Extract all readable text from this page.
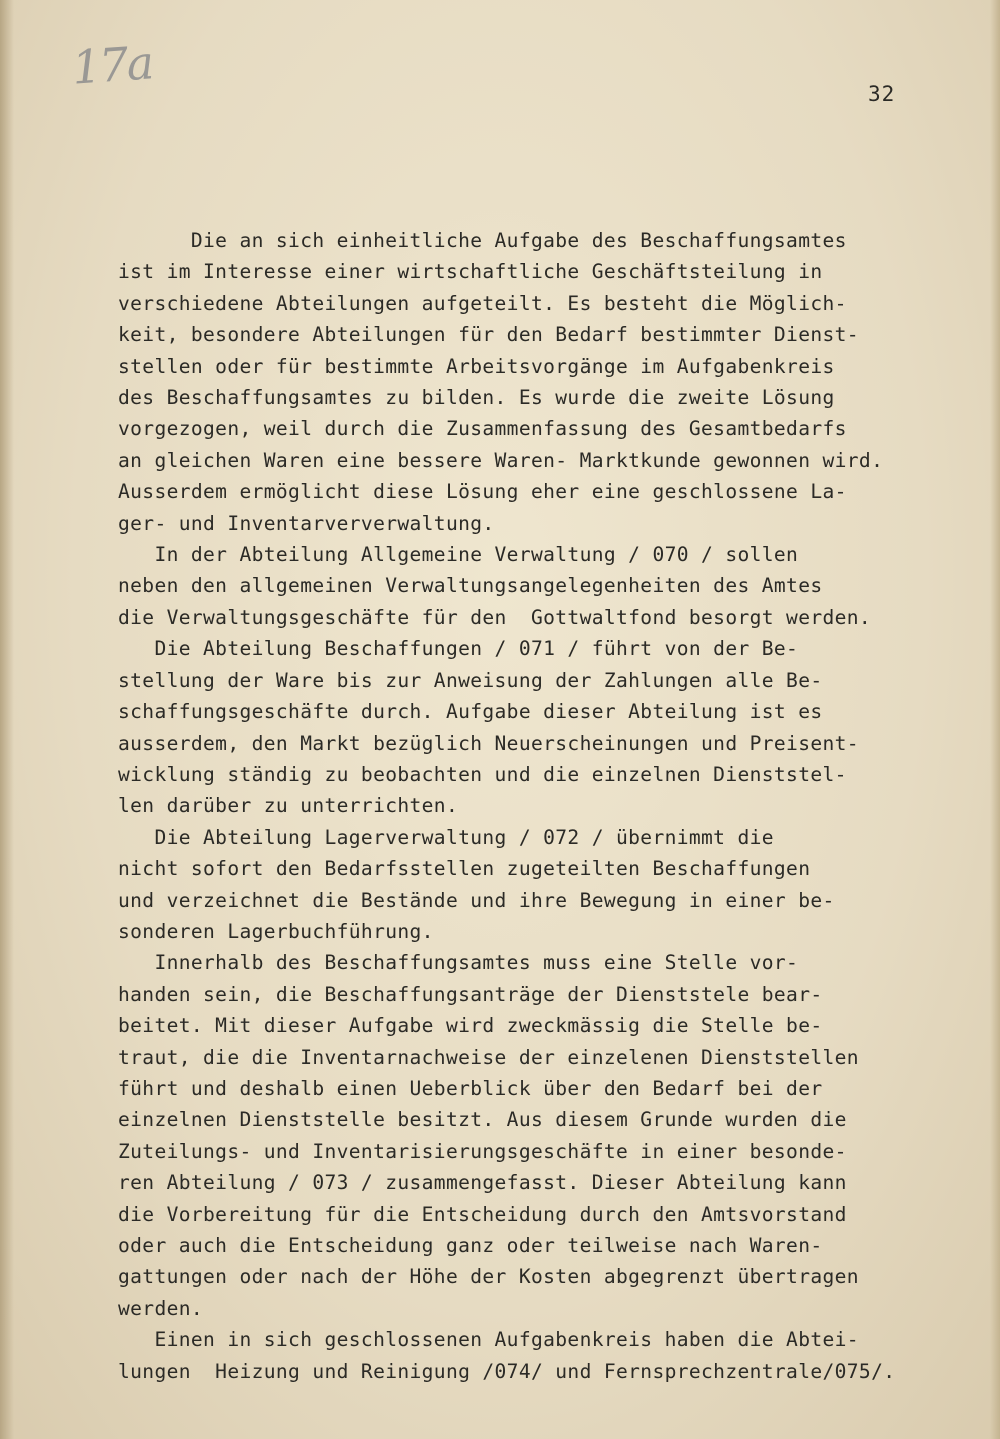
17a	32
Die an sich einheitliche Aufgabe des Beschaffungsamtes
ist im Interesse einer wirtschaftliche Geschäftsteilung in
verschiedene Abteilungen aufgeteilt. Es besteht die Möglich-
keit, besondere Abteilungen für den Bedarf bestimmter Dienst-
stellen oder für bestimmte Arbeitsvorgänge im Aufgabenkreis
des Beschaffungsamtes zu bilden. Es wurde die zweite Lösung
vorgezogen, weil durch die Zusammenfassung des Gesamtbedarfs
an gleichen Waren eine bessere Waren- Marktkunde gewonnen wird.
Ausserdem ermöglicht diese Lösung eher eine geschlossene La-
ger- und Inventarververwaltung.
In der Abteilung Allgemeine Verwaltung / 070 / sollen
neben den allgemeinen Verwaltungsangelegenheiten des Amtes
die Verwaltungsgeschäfte für den  Gottwaltfond besorgt werden.
Die Abteilung Beschaffungen / 071 / führt von der Be-
stellung der Ware bis zur Anweisung der Zahlungen alle Be-
schaffungsgeschäfte durch. Aufgabe dieser Abteilung ist es
ausserdem, den Markt bezüglich Neuerscheinungen und Preisent-
wicklung ständig zu beobachten und die einzelnen Dienststel-
len darüber zu unterrichten.
Die Abteilung Lagerverwaltung / 072 / übernimmt die
nicht sofort den Bedarfsstellen zugeteilten Beschaffungen
und verzeichnet die Bestände und ihre Bewegung in einer be-
sonderen Lagerbuchführung.
Innerhalb des Beschaffungsamtes muss eine Stelle vor-
handen sein, die Beschaffungsanträge der Dienststele bear-
beitet. Mit dieser Aufgabe wird zweckmässig die Stelle be-
traut, die die Inventarnachweise der einzelenen Dienststellen
führt und deshalb einen Ueberblick über den Bedarf bei der
einzelnen Dienststelle besitzt. Aus diesem Grunde wurden die
Zuteilungs- und Inventarisierungsgeschäfte in einer besonde-
ren Abteilung / 073 / zusammengefasst. Dieser Abteilung kann
die Vorbereitung für die Entscheidung durch den Amtsvorstand
oder auch die Entscheidung ganz oder teilweise nach Waren-
gattungen oder nach der Höhe der Kosten abgegrenzt übertragen
werden.
Einen in sich geschlossenen Aufgabenkreis haben die Abtei-
lungen  Heizung und Reinigung /074/ und Fernsprechzentrale/075/.
